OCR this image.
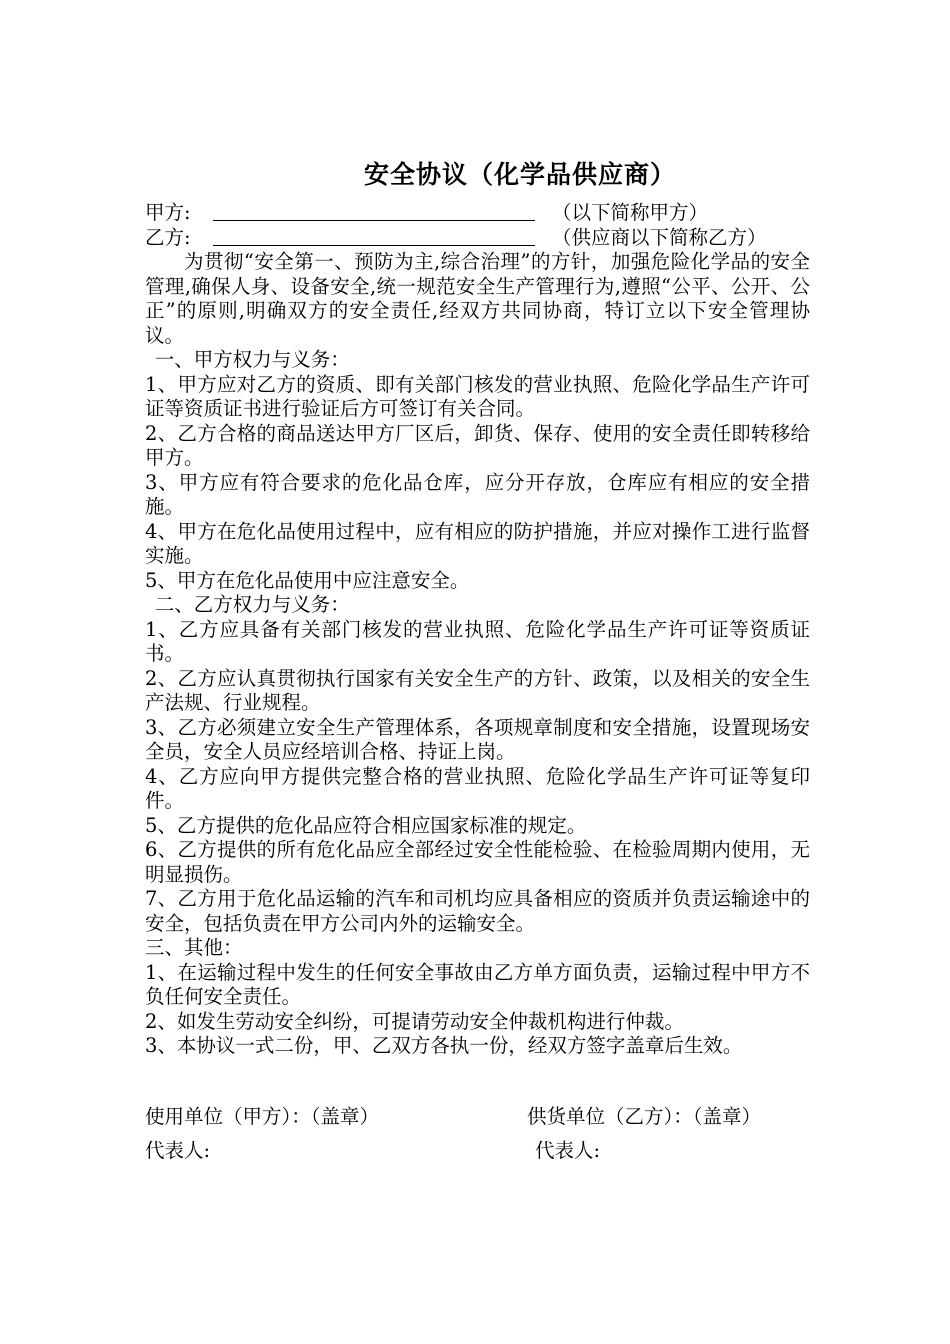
安全协议（化学品供应商）
甲方:	（以下简称甲方）
乙方:	（供应商以下简称乙方）

为贯彻“安全第一、预防为主,综合治理”的方针，加强危险化学品的安全管理,确保人身、设备安全,统一规范安全生产管理行为,遵照“公平、公开、公正”的原则,明确双方的安全责任,经双方共同协商，特订立以下安全管理协议。

一、甲方权力与义务：

1、甲方应对乙方的资质、即有关部门核发的营业执照、危险化学品生产许可证等资质证书进行验证后方可签订有关合同。

2、乙方合格的商品送达甲方厂区后，卸货、保存、使用的安全责任即转移给甲方。

3、甲方应有符合要求的危化品仓库，应分开存放，仓库应有相应的安全措施。

4、甲方在危化品使用过程中，应有相应的防护措施，并应对操作工进行监督实施。

5、甲方在危化品使用中应注意安全。

二、乙方权力与义务：

1、乙方应具备有关部门核发的营业执照、危险化学品生产许可证等资质证书。

2、乙方应认真贯彻执行国家有关安全生产的方针、政策，以及相关的安全生产法规、行业规程。

3、乙方必须建立安全生产管理体系，各项规章制度和安全措施，设置现场安全员，安全人员应经培训合格、持证上岗。

4、乙方应向甲方提供完整合格的营业执照、危险化学品生产许可证等复印件。

5、乙方提供的危化品应符合相应国家标准的规定。

6、乙方提供的所有危化品应全部经过安全性能检验、在检验周期内使用，无明显损伤。

7、乙方用于危化品运输的汽车和司机均应具备相应的资质并负责运输途中的安全，包括负责在甲方公司内外的运输安全。

三、其他：

1、在运输过程中发生的任何安全事故由乙方单方面负责，运输过程中甲方不负任何安全责任。

2、如发生劳动安全纠纷，可提请劳动安全仲裁机构进行仲裁。

3、本协议一式二份，甲、乙双方各执一份，经双方签字盖章后生效。

使用单位（甲方）：（盖章）	供货单位（乙方）：（盖章）
代表人:	代表人:
